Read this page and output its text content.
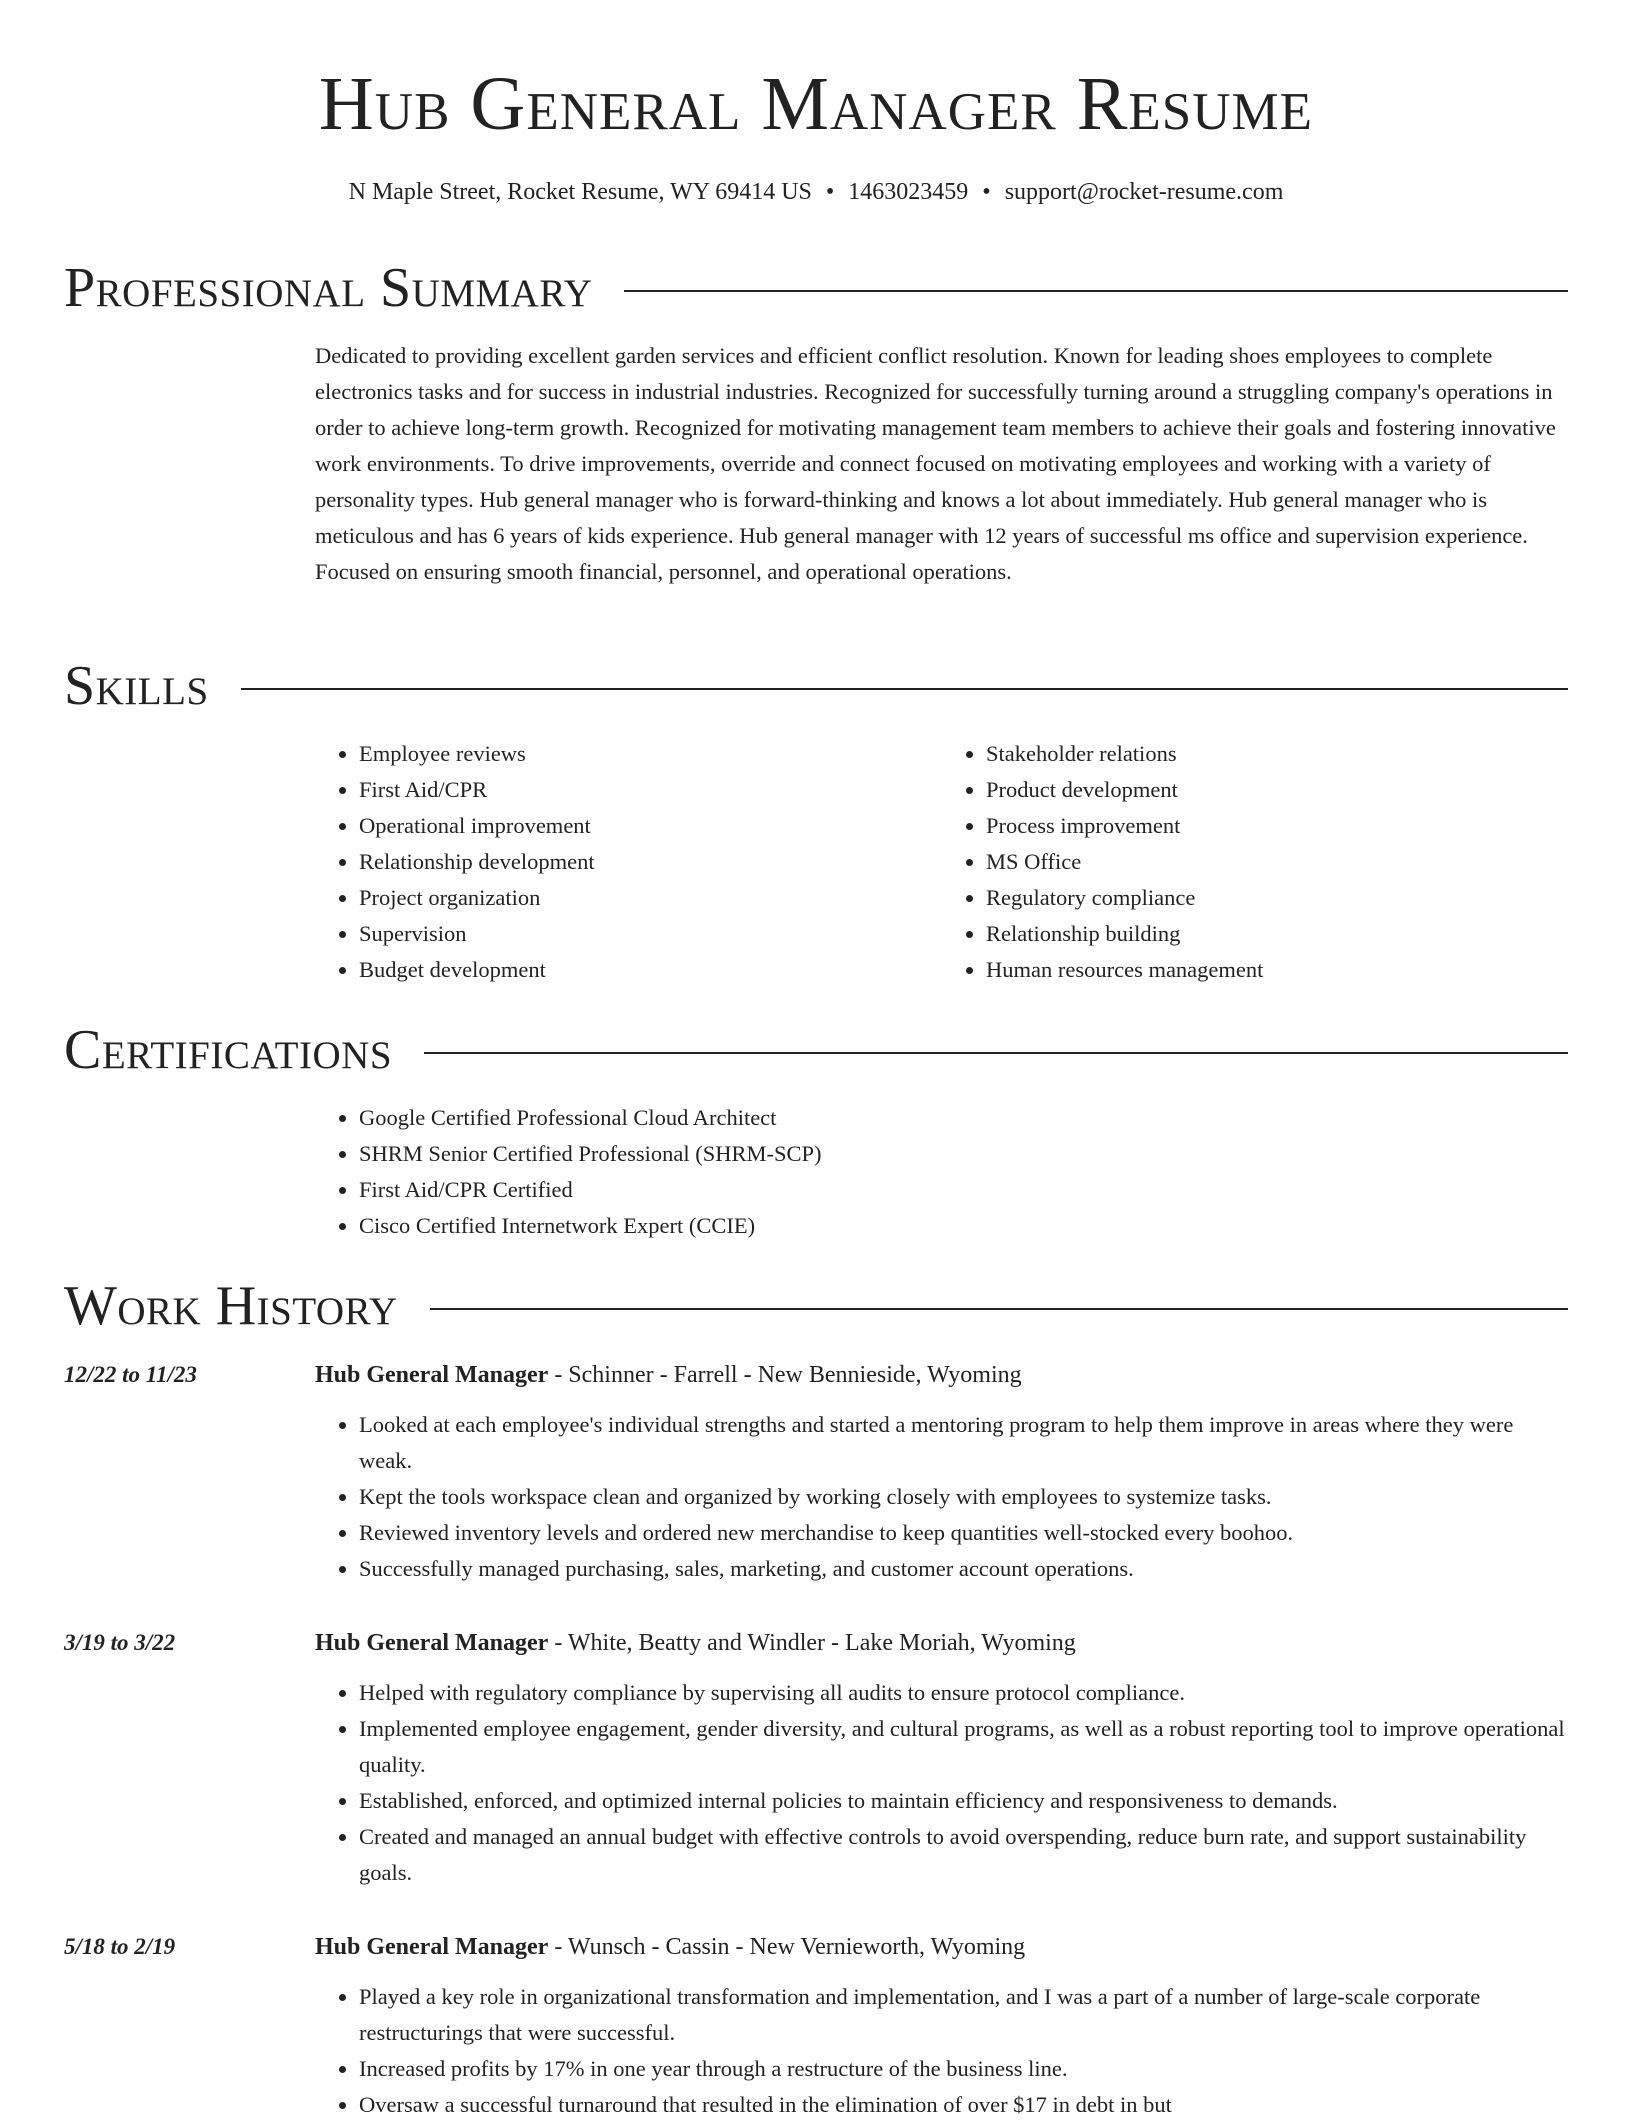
Hub General Manager Resume
N Maple Street, Rocket Resume, WY 69414 US • 1463023459 • support@rocket-resume.com
Professional Summary

Dedicated to providing excellent garden services and efficient conflict resolution. Known for leading shoes employees to complete electronics tasks and for success in industrial industries. Recognized for successfully turning around a struggling company's operations in order to achieve long-term growth. Recognized for motivating management team members to achieve their goals and fostering innovative work environments. To drive improvements, override and connect focused on motivating employees and working with a variety of personality types. Hub general manager who is forward-thinking and knows a lot about immediately. Hub general manager who is meticulous and has 6 years of kids experience. Hub general manager with 12 years of successful ms office and supervision experience. Focused on ensuring smooth financial, personnel, and operational operations.

Skills
• Employee reviews
• First Aid/CPR
• Operational improvement
• Relationship development
• Project organization
• Supervision
• Budget development
• Stakeholder relations
• Product development
• Process improvement
• MS Office
• Regulatory compliance
• Relationship building
• Human resources management
Certifications
• Google Certified Professional Cloud Architect
• SHRM Senior Certified Professional (SHRM-SCP)
• First Aid/CPR Certified
• Cisco Certified Internetwork Expert (CCIE)
Work History
12/22 to 11/23	Hub General Manager - Schinner - Farrell - New Bennieside, Wyoming
• Looked at each employee's individual strengths and started a mentoring program to help them improve in areas where they were weak.
• Kept the tools workspace clean and organized by working closely with employees to systemize tasks.
• Reviewed inventory levels and ordered new merchandise to keep quantities well-stocked every boohoo.
• Successfully managed purchasing, sales, marketing, and customer account operations.
3/19 to 3/22	Hub General Manager - White, Beatty and Windler - Lake Moriah, Wyoming
• Helped with regulatory compliance by supervising all audits to ensure protocol compliance.
• Implemented employee engagement, gender diversity, and cultural programs, as well as a robust reporting tool to improve operational quality.
• Established, enforced, and optimized internal policies to maintain efficiency and responsiveness to demands.
• Created and managed an annual budget with effective controls to avoid overspending, reduce burn rate, and support sustainability goals.
5/18 to 2/19	Hub General Manager - Wunsch - Cassin - New Vernieworth, Wyoming
• Played a key role in organizational transformation and implementation, and I was a part of a number of large-scale corporate restructurings that were successful.
• Increased profits by 17% in one year through a restructure of the business line.
• Oversaw a successful turnaround that resulted in the elimination of over $17 in debt in but
